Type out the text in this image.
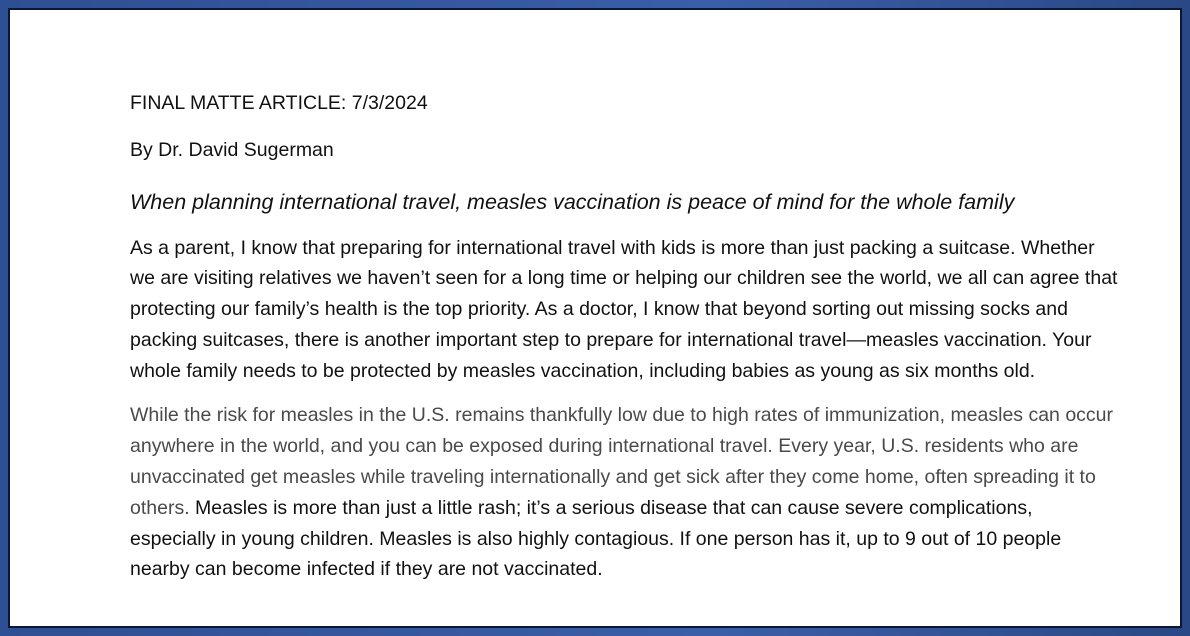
FINAL MATTE ARTICLE: 7/3/2024

By Dr. David Sugerman

When planning international travel, measles vaccination is peace of mind for the whole family

As a parent, I know that preparing for international travel with kids is more than just packing a suitcase. Whether we are visiting relatives we haven’t seen for a long time or helping our children see the world, we all can agree that protecting our family’s health is the top priority. As a doctor, I know that beyond sorting out missing socks and packing suitcases, there is another important step to prepare for international travel—measles vaccination. Your whole family needs to be protected by measles vaccination, including babies as young as six months old.

While the risk for measles in the U.S. remains thankfully low due to high rates of immunization, measles can occur anywhere in the world, and you can be exposed during international travel. Every year, U.S. residents who are unvaccinated get measles while traveling internationally and get sick after they come home, often spreading it to others. Measles is more than just a little rash; it’s a serious disease that can cause severe complications, especially in young children. Measles is also highly contagious. If one person has it, up to 9 out of 10 people nearby can become infected if they are not vaccinated.
